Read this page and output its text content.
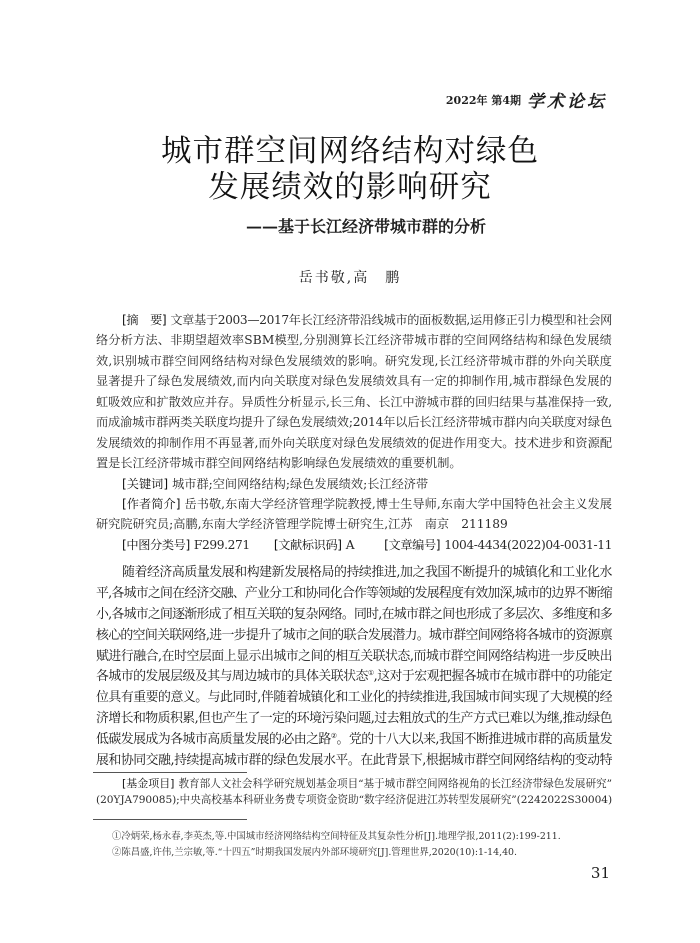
2022年 第4期 学术论坛
城市群空间网络结构对绿色
发展绩效的影响研究
——基于长江经济带城市群的分析
岳书敬,高　鹏
[摘　要] 文章基于2003—2017年长江经济带沿线城市的面板数据,运用修正引力模型和社会网
络分析方法、非期望超效率SBM模型,分别测算长江经济带城市群的空间网络结构和绿色发展绩
效,识别城市群空间网络结构对绿色发展绩效的影响。研究发现,长江经济带城市群的外向关联度
显著提升了绿色发展绩效,而内向关联度对绿色发展绩效具有一定的抑制作用,城市群绿色发展的
虹吸效应和扩散效应并存。异质性分析显示,长三角、长江中游城市群的回归结果与基准保持一致,
而成渝城市群两类关联度均提升了绿色发展绩效;2014年以后长江经济带城市群内向关联度对绿色
发展绩效的抑制作用不再显著,而外向关联度对绿色发展绩效的促进作用变大。技术进步和资源配
置是长江经济带城市群空间网络结构影响绿色发展绩效的重要机制。
[关键词] 城市群;空间网络结构;绿色发展绩效;长江经济带
[作者简介] 岳书敬,东南大学经济管理学院教授,博士生导师,东南大学中国特色社会主义发展
研究院研究员;高鹏,东南大学经济管理学院博士研究生,江苏　南京　211189
[中图分类号] F299.271 [文献标识码] A [文章编号] 1004-4434(2022)04-0031-11
随着经济高质量发展和构建新发展格局的持续推进,加之我国不断提升的城镇化和工业化水
平,各城市之间在经济交融、产业分工和协同化合作等领域的发展程度有效加深,城市的边界不断缩
小,各城市之间逐渐形成了相互关联的复杂网络。同时,在城市群之间也形成了多层次、多维度和多
核心的空间关联网络,进一步提升了城市之间的联合发展潜力。城市群空间网络将各城市的资源禀
赋进行融合,在时空层面上显示出城市之间的相互关联状态,而城市群空间网络结构进一步反映出
各城市的发展层级及其与周边城市的具体关联状态①,这对于宏观把握各城市在城市群中的功能定
位具有重要的意义。与此同时,伴随着城镇化和工业化的持续推进,我国城市间实现了大规模的经
济增长和物质积累,但也产生了一定的环境污染问题,过去粗放式的生产方式已难以为继,推动绿色
低碳发展成为各城市高质量发展的必由之路②。党的十八大以来,我国不断推进城市群的高质量发
展和协同交融,持续提高城市群的绿色发展水平。在此背景下,根据城市群空间网络结构的变动特
[基金项目] 教育部人文社会科学研究规划基金项目“基于城市群空间网络视角的长江经济带绿色发展研究”
(20YJA790085);中央高校基本科研业务费专项资金资助“数字经济促进江苏转型发展研究”(2242022S30004)
①冷炳荣,杨永春,李英杰,等.中国城市经济网络结构空间特征及其复杂性分析[J].地理学报,2011(2):199-211.
②陈昌盛,许伟,兰宗敏,等.“十四五”时期我国发展内外部环境研究[J].管理世界,2020(10):1-14,40.
31
